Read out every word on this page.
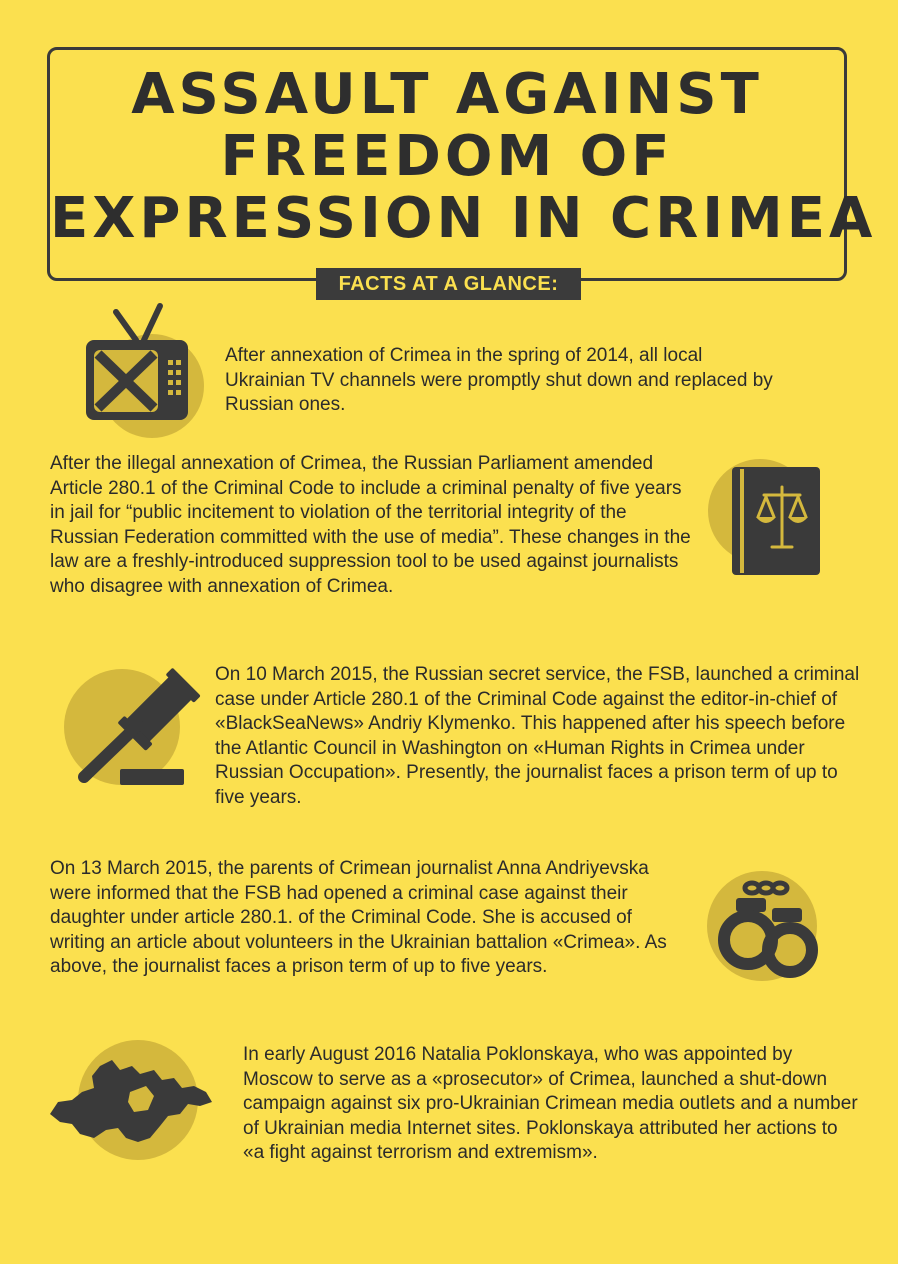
ASSAULT AGAINST
FREEDOM OF
EXPRESSION IN CRIMEA
FACTS AT A GLANCE:
After annexation of Crimea in the spring of 2014, all local Ukrainian TV channels were promptly shut down and replaced by Russian ones.
After the illegal annexation of Crimea, the Russian Parliament amended Article 280.1 of the Criminal Code to include a criminal penalty of five years in jail for “public incitement to violation of the territorial integrity of the Russian Federation committed with the use of media”. These changes in the law are a freshly-introduced suppression tool to be used against journalists who disagree with annexation of Crimea.
On 10 March 2015, the Russian secret service, the FSB, launched a criminal case under Article 280.1 of the Criminal Code against the editor-in-chief of «BlackSeaNews» Andriy Klymenko. This happened after his speech before the Atlantic Council in Washington on «Human Rights in Crimea under Russian Occupation». Presently, the journalist faces a prison term of up to five years.
On 13 March 2015, the parents of Crimean journalist Anna Andriyevska were informed that the FSB had opened a criminal case against their daughter under article 280.1. of the Criminal Code. She is accused of writing an article about volunteers in the Ukrainian battalion «Crimea». As above, the journalist faces a prison term of up to five years.
In early August 2016 Natalia Poklonskaya, who was appointed by Moscow to serve as a «prosecutor» of Crimea, launched a shut-down campaign against six pro-Ukrainian Crimean media outlets and a number of Ukrainian media Internet sites. Poklonskaya attributed her actions to «a fight against terrorism and extremism».
